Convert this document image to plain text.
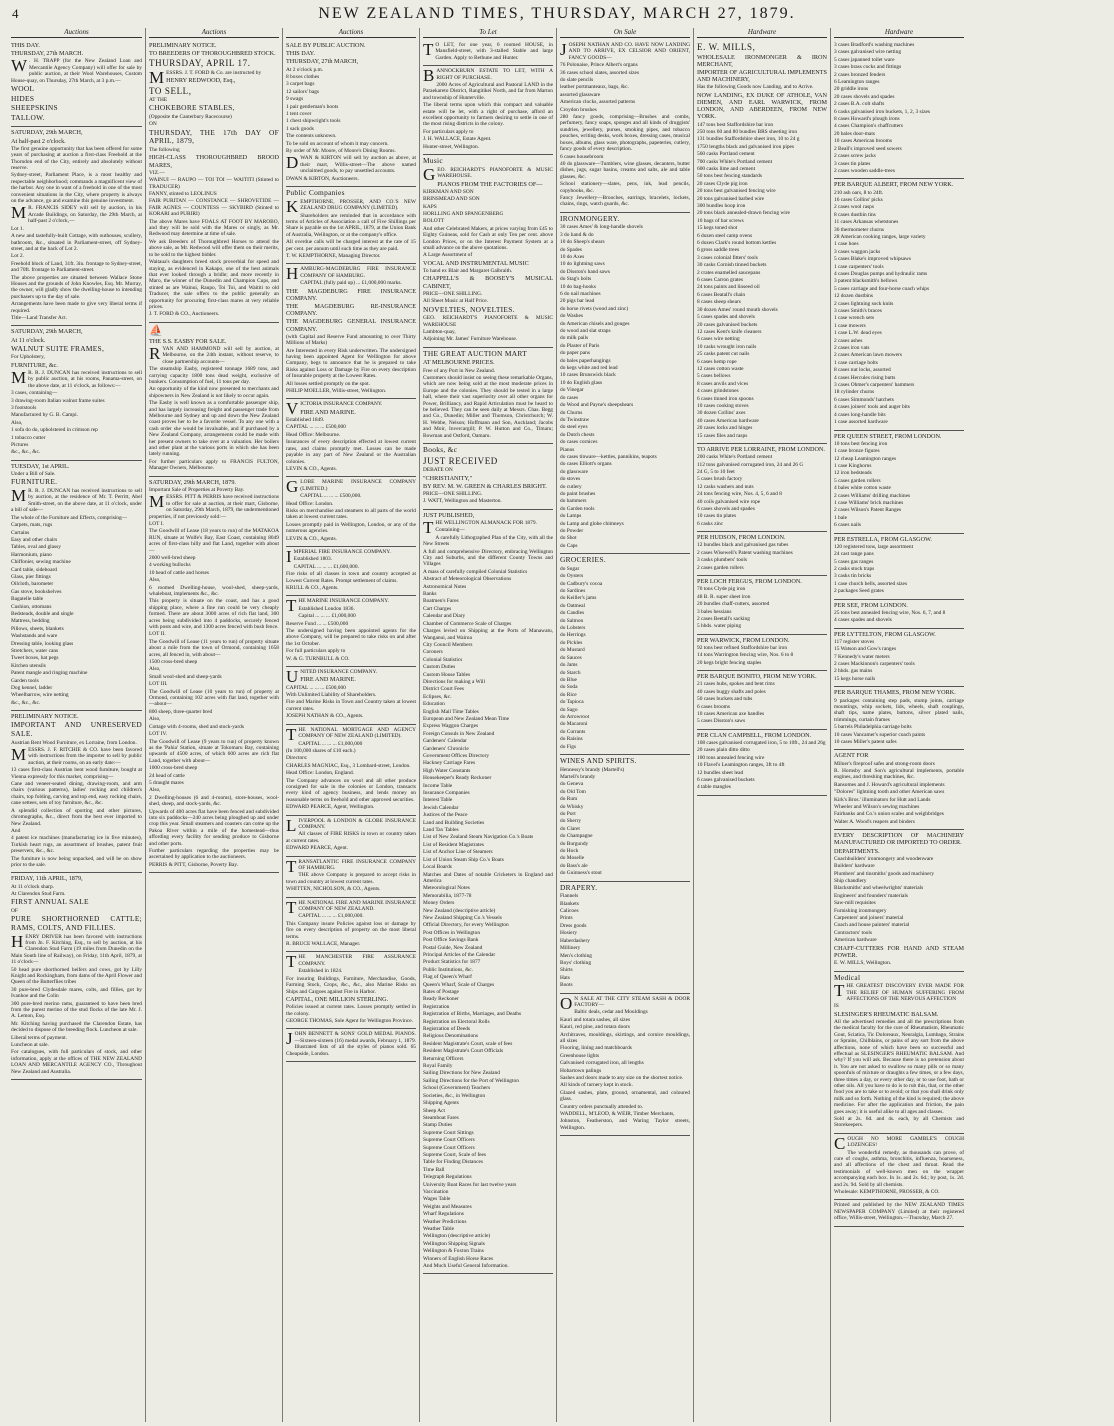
4	NEW ZEALAND TIMES, THURSDAY, MARCH 27, 1879.
Auctions

THIS DAY.

THURSDAY, 27th MARCH.

W . H. TRAPP (for the New Zealand Loan and Mercantile Agency Company) will offer for sale by public auction, at their Wool Warehouses, Custom House-quay, on Thursday, 27th March, at 3 p.m.—

WOOL

HIDES

SHEEPSKINS

TALLOW.

SATURDAY, 29th MARCH,

At half-past 2 o'clock.

The first genuine opportunity that has been offered for some years of purchasing at auction a first-class Freehold at the Thorndon end of the City, entirely and absolutely without reserve.

Sydney-street, Parliament Place, is a most healthy and respectable neighborhood; commands a magnificent view of the harbor. Any one in want of a freehold in one of the most convenient situations in the City, where property is always on the advance, go and examine this genuine investment.

M R. FRANCIS SIDEY will sell by auction, in his Arcade Buildings, on Saturday, the 29th March, at half-past 2 o'clock,—

Lot 1.

A new and tastefully-built Cottage, with outhouses, scullery, bathroom, &c., situated in Parliament-street, off Sydney-street, and at the back of Lot 2.

Lot 2.

Freehold block of Land, 31ft. 3in. frontage to Sydney-street, and 70ft. frontage to Parliament-street.

The above properties are situated between Wallace Stone Houses and the grounds of John Knowles, Esq. Mr. Murray, the owner, will gladly show the dwelling-house to intending purchasers up to the day of sale.

Arrangements have been made to give very liberal terms if required.

Title—Land Transfer Act.

SATURDAY, 29th MARCH,

At 11 o'clock.

WALNUT SUITE FRAMES,

For Upholstery,

FURNITURE, &c.

M R. R. J. DUNCAN has received instructions to sell by public auction, at his rooms, Panama-street, on the above date, at 11 o'clock, as follows:—

3 cases, containing—

3 drawing-room Italian walnut frame suites

3 footstools

Manufactured by G. B. Campi.

Also,

1 sofa do do, upholstered in crimson rep

1 tobacco cutter

Pictures

&c., &c., &c.

TUESDAY, 1st APRIL.

Under a Bill of Sale.

FURNITURE.

M R. R. J. DUNCAN has received instructions to sell by auction, at the residence of Mr. T. Perritt, Abel Smith-street, on the above date, at 11 o'clock, under a bill of sale—

The whole of the Furniture and Effects, comprising—

Carpets, mats, rugs

Curtains

Easy and other chairs

Tables, oval and glassy

Harmonium, piano

Chiffonier, sewing machine

Card table, sideboard

Glass, pier fittings

Oilcloth, barometer

Gas stove, bookshelves

Bagatelle table

Cushion, ottomans

Bedsteads, double and single

Mattress, bedding

Pillows, sheets, blankets

Washstands and ware

Dressing table, looking glass

Stretchers, water cans

Tweet boxes, hat pegs

Kitchen utensils

Patent mangle and ringing machine

Garden tools

Dog kennel, ladder

Wheelbarrow, wire netting

&c., &c., &c.

PRELIMINARY NOTICE.

IMPORTANT AND UNRESERVED SALE.

Austrian Bent Wood Furniture, ex Lorraine, from London.

MESSRS. J. F. RITCHIE & CO. have been favored with instructions from the importer to sell by public auction, at their rooms, on an early date:—

13 cases first-class Austrian bent wood furniture, bought at Vienna expressly for this market, comprising—

Cane and veneer-seated dining, drawing-room, and arm chairs (various patterns), ladies' rocking and children's chairs, top folding, carving and top end, easy rocking chairs, cane settees, sets of toy furniture, &c., &c.

A splendid collection of sporting and other pictures, chromographs, &c., direct from the best ever imported to New Zealand.

And

4 patent ice machines (manufacturing ice in five minutes), Turkish heart rugs, an assortment of brushes, patent fruit preservers, &c., &c.

The furniture is now being unpacked, and will be on show prior to the sale.

FRIDAY, 11th APRIL, 1879,

At 11 o'clock sharp.

At Clarendon Stud Farm.

FIRST ANNUAL SALE

OF

PURE SHORTHORNED CATTLE; RAMS, COLTS, AND FILLIES.

HENRY DRIVER has been favored with instructions from Jn. F. Kitching, Esq., to sell by auction, at his Clarendon Stud Farm (19 miles from Dunedin on the Main South line of Railway), on Friday, 11th April, 1879, at 11 o'clock—

50 head pure shorthorned heifers and cows, got by Lilly Knight and Rockingham, from dams of the April Flower and Queen of the Butterflies tribes

30 pure-bred Clydesdale mares, colts, and fillies, got by Ivanhoe and the Colin

300 pure-bred merino rams, guaranteed to have been bred from the purest merino of the stud flocks of the late Mr. J. A. Lemon, Esq.

Mr. Kitching having purchased the Clarendon Estate, has decided to dispose of the breeding flock. Luncheon at sale.

Liberal terms of payment.

Luncheon at sale.

For catalogues, with full particulars of stock, and other information, apply at the offices of THE NEW ZEALAND LOAN AND MERCANTILE AGENCY CO., Throughout New Zealand and Australia.

Auctions

PRELIMINARY NOTICE.

TO BREEDERS OF THOROUGHBRED STOCK.

THURSDAY, APRIL 17.

MESSRS. J. T. FORD & Co. are instructed by

HENRY REDWOOD, Esq.,

TO SELL,

AT THE

CHOKEBORE STABLES,

(Opposite the Canterbury Racecourse)

ON

THURSDAY, THE 17th DAY OF APRIL, 1879,

The following

HIGH-CLASS THOROUGHBRED BROOD MARES,

VIZ.—

WAINUI — RAUPO — TOI TOI — WAITITI (Stinted to TRADUCER)

FANNY, stinted to LEOLINUS

FAIR PURITAN — CONSTANCE — SHROVETIDE — FAIR AGNES — COUNTESS — SKYBIRD (Stinted to KORARI and PURIRI)

The above Mares have FOALS AT FOOT BY MAROBO, and they will be sold with the Mares or singly, as Mr. Redwood may determine at time of sale.

We ask Breeders of Thoroughbred Horses to attend the above sale, as Mr. Redwood will offer them on their merits, to be sold to the highest bidder.

Waitaua's daughters breed stock proverbial for speed and staying, as evidenced in Kakapo, one of the best animals that ever looked through a bridle; and more recently in Maro, the winner of the Dunedin and Champion Cups, and stinted as are Wainui, Raupo, Toi Toi, and Waititi to old Traducer, the sale offers to the public generally an opportunity for procuring first-class mares at very reliable prices.

J. T. FORD & CO., Auctioneers.

⛵

THE S.S. EASBY FOR SALE.

RYAN AND HAMMOND will sell by auction, at Melbourne, on the 24th instant, without reserve, to close partnership accounts—

The steamship Easby, registered tonnage 1689 tons, and carrying capacity 1800 tons dead weight, exclusive of bunkers. Consumption of fuel, 11 tons per day.

An opportunity of the kind now presented to merchants and shipowners in New Zealand is not likely to occur again.

The Easby is well known as a comfortable passenger ship, and has largely increasing freight and passenger trade from Melbourne and Sydney and up and down the New Zealand coast proves her to be a favorite vessel. To any one with a cash order she would be invaluable, and if purchased by a New Zealand Company, arrangements could be made with her present owners to take over at a valuation. Her boilers and other plant at the various ports in which she has been lately running.

For further particulars apply to FRANCIS FULTON, Manager Owners, Melbourne.

SATURDAY, 29th MARCH, 1879.

Important Sale of Properties at Poverty Bay.

MESSRS. PITT & PERRIS have received instructions to offer for sale at auction, at their mart, Gisborne, on Saturday, 29th March, 1879, the undermentioned properties, if not previously sold:—

LOT I.

The Goodwill of Lease (18 years to run) of the MATAKOA RUN, situate at Wolfe's Bay, East Coast, containing 8049 acres of first-class hilly and flat Land, together with about—

2600 well-bred sheep

4 working bullocks

10 head of cattle and horses

Also,

6 roomed Dwelling-house, wool-shed, sheep-yards, whaleboat, implements &c., &c.

This property is situate on the coast, and has a good shipping place, where a fine run could be very cheaply formed. There are about 3000 acres of rich flat land, 300 acres being subdivided into 4 paddocks, securely fenced with posts and wire, and 1300 acres fenced with bush fence.

LOT II.

The Goodwill of Lease (11 years to run) of property situate about a mile from the town of Ormond, containing 1658 acres, all fenced in, with about—

1500 cross-bred sheep

Also,

Small wool-shed and sheep-yards

LOT III.

The Goodwill of Lease (10 years to run) of property at Ormond, containing 102 acres with flat land, together with—about—

800 sheep, three-quarter bred

Also,

Cottage with 4-rooms, shed and stock-yards

LOT IV.

The Goodwill of Lease (9 years to run) of property known as the 'Pahia' Station, situate at Tokomaru Bay, containing upwards of 4500 acres, of which 600 acres are rich flat Land, together with about—

1000 cross-bred sheep

24 head of cattle

5 draught mares

Also,

2 Dwelling-houses (6 and 4-rooms), store-houses, wool-shed, sheep, and stock-yards, &c.

Upwards of 400 acres flat have been fenced and subdivided into six paddocks—240 acres being ploughed up and under crop this year. Small steamers and coasters can come up the Pakoa River within a mile of the homestead—thus affording every facility for sending produce to Gisborne and other ports.

Further particulars regarding the properties may be ascertained by application to the auctioneers.

PERRIS & PITT, Gisborne, Poverty Bay.

Auctions

SALE BY PUBLIC AUCTION.

THIS DAY.

THURSDAY, 27th MARCH,

At 2 o'clock p.m.

8 boxes clothes

3 carpet bags

12 sailors' bags

9 swags

1 pair gentleman's boots

1 tent cover

1 chest shipwright's tools

1 sack goods

The contents unknown.

To be sold on account of whom it may concern.

By order of Mr. Moore, of Moore's Dining Rooms.

DWAN & KIRTON will sell by auction as above, at their mart, Willis-street—The above named unclaimed goods, to pay unsettled accounts.

DWAN & KIRTON, Auctioneers.

Public Companies

KEMPTHORNE, PROSSER, AND CO.'S NEW ZEALAND DRUG COMPANY (LIMITED).

Shareholders are reminded that in accordance with terms of Articles of Association a call of Five Shillings per Share is payable on the 1st APRIL, 1879, at the Union Bank of Australia, Wellington, or at the company's office.

All overdue calls will be charged interest at the rate of 15 per cent. per annum until such time as they are paid.

T. W. KEMPTHORNE, Managing Director.

HAMBURG-MAGDEBURG FIRE INSURANCE COMPANY OF HAMBURG.

CAPITAL (fully paid up) ... £1,000,000 marks.

THE MAGDEBURG FIRE INSURANCE COMPANY.

THE MAGDEBURG RE-INSURANCE COMPANY.

THE MAGDEBURG GENERAL INSURANCE COMPANY.

(with Capital and Reserve Fund amounting to over Thirty Millions of Marks)

Are Interested in every Risk underwritten. The undersigned having been appointed Agent for Wellington for above Company, begs to announce that he is prepared to take Risks against Loss or Damage by Fire on every description of Insurable property at the Lowest Rates.

All losses settled promptly on the spot.

PHILIP MOELLER, Willis-street, Wellington.

VICTORIA INSURANCE COMPANY.

FIRE AND MARINE.

Established 1849.

CAPITAL ... ... ... £500,000

Head Office: Melbourne.

Insurances of every description effected at lowest current rates, and claims promptly met. Losses can be made payable in any part of New Zealand or the Australian colonies.

LEVIN & CO., Agents.

GLOBE MARINE INSURANCE COMPANY (LIMITED.)

CAPITAL ... ... ... £500,000.

Head Office: London.

Risks on merchandise and steamers to all parts of the world taken at lowest current rates.

Losses promptly paid in Wellington, London, or any of the numerous agencies.

LEVIN & CO., Agents.

IMPERIAL FIRE INSURANCE COMPANY.

Established 1803.

CAPITAL ... ... ... £1,600,000.

Fire risks of all classes in town and country accepted at Lowest Current Rates. Prompt settlement of claims.

KRULL & CO., Agents.

THE MARINE INSURANCE COMPANY.

Established London 1836.

Capital ... ... ... £1,000,000

Reserve Fund ... ... £500,000

The undersigned having been appointed agents for the above Company, will be prepared to take risks on and after the 1st October.

For full particulars apply to

W. & G. TURNBULL & CO.

UNITED INSURANCE COMPANY.

FIRE AND MARINE.

CAPITAL ... ... ... £500,000

With Unlimited Liability of Shareholders.

Fire and Marine Risks in Town and Country taken at lowest current rates.

JOSEPH NATHAN & CO., Agents.

THE NATIONAL MORTGAGE AND AGENCY COMPANY OF NEW ZEALAND (LIMITED).

CAPITAL ... ... ... £1,000,000

(In 100,000 shares of £10 each.)

Directors:

CHARLES MAGNIAC, Esq., 3 Lombard-street, London.

Head Office: London, England.

The Company advances on wool and all other produce consigned for sale in the colonies or London, transacts every kind of agency business, and lends money on reasonable terms on freehold and other approved securities.

EDWARD PEARCE, Agent, Wellington.

LIVERPOOL & LONDON & GLOBE INSURANCE COMPANY.

All classes of FIRE RISKS in town or country taken at current rates.

EDWARD PEARCE, Agent.

TRANSATLANTIC FIRE INSURANCE COMPANY OF HAMBURG.

THE above Company is prepared to accept risks in town and country at lowest current rates.

WHITTEN, NICHOLSON, & CO., Agents.

THE NATIONAL FIRE AND MARINE INSURANCE COMPANY OF NEW ZEALAND.

CAPITAL ... ... ... £1,000,000.

This Company insure Policies against loss or damage by fire on every description of property on the most liberal terms.

R. BRUCE WALLACE, Manager.

THE MANCHESTER FIRE ASSURANCE COMPANY.

Established in 1824.

For insuring Buildings, Furniture, Merchandise, Goods, Farming Stock, Crops, &c., &c., also Marine Risks on Ships and Cargoes against Fire in Harbor.

CAPITAL, ONE MILLION STERLING.

Policies issued at current rates. Losses promptly settled in the colony.

GEORGE THOMAS, Sole Agent for Wellington Province.

JOHN BENNETT & SONS' GOLD MEDAL PIANOS.—Sixteen-sixteen (16) medal awards, February 1, 1879. Illustrated lists of all the styles of pianos sold. 65 Cheapside, London.

To Let

T O LET, for one year, 6 roomed HOUSE, in Mansfield-street, with 3-stalled Stable and large Garden. Apply to Bethune and Hunter.

BANNOCKBURN ESTATE TO LET, WITH A RIGHT OF PURCHASE.

2000 Acres of Agricultural and Pastoral LAND in the Paraekareto District, Rangitikei North, and far from Marton and township of Hunterville.

The liberal terms upon which this compact and valuable estate will be let, with a right of purchase, afford an excellent opportunity to farmers desiring to settle in one of the most rising districts in the colony.

For particulars apply to

J. H. WALLACE, Estate Agent.

Hunter-street, Wellington.

Music

GEO. REICHARDT'S PIANOFORTE & MUSIC WAREHOUSE.

PIANOS FROM THE FACTORIES OF—

KIRKMAN AND SON

BRINSMEAD AND SON

KAPS

HORLLING AND SPANGENBERG

BOLOTT

And other Celebrated Makers, at prices varying from £45 to Eighty Guineas, sold for Cash at only Ten per cent. above London Prices, or on the Interest Payment System at a small advance on the above quotations.

A Large Assortment of

VOCAL AND INSTRUMENTAL MUSIC

To hand ex Blair and Margaret Galbraith.

CHAPPELL'S & BOOSEY'S MUSICAL CABINET,

PRICE—ONE SHILLING.

All Sheet Music at Half Price.

NOVELTIES, NOVELTIES.

GEO. REICHARDT'S PIANOFORTE & MUSIC WAREHOUSE

Lambton-quay,

Adjoining Mr. James' Furniture Warehouse.

THE GREAT AUCTION MART

AT MELBOURNE PRICES.

Free of any Port in New Zealand.

Customers should insist on seeing these remarkable Organs, which are now being sold at the most moderate prices in Europe and the colonies. They should be tested in a large hall, where their vast superiority over all other organs for Power, Brilliancy, and Rapid Articulation must be heard to be believed. They can be seen daily at Messrs. Chas. Begg and Co., Dunedin; Miller and Thomson, Christchurch; W. H. Webbe, Nelson; Hoffmann and Son, Auckland; Jacobs and Moir, Invercargill; P. W. Hutton and Co., Timaru; Bowman and Ostford, Oamaru.

Books, &c

JUST RECEIVED

DEBATE ON

"CHRISTIANITY,"

BY REV. M. W. GREEN & CHARLES BRIGHT.

PRICE—ONE SHILLING.

J. WATT, Wellington and Masterton.

JUST PUBLISHED,

THE WELLINGTON ALMANACK FOR 1879.

Containing—

A carefully Lithographed Plan of the City, with all the New Streets

A full and comprehensive Directory, embracing Wellington City and Suburbs, and the different County Towns and Villages

A mass of carefully compiled Colonial Statistics

Abstract of Meteorological Observations

Astronomical Notes

Banks

Boatmen's Fares

Cart Charges

Calendar and Diary

Chamber of Commerce Scale of Charges

Charges levied on Shipping at the Ports of Manawatu, Wanganui, and Wairoa

City Council Members

Coroners

Colonial Statistics

Custom Duties

Custom House Tables

Directions for making a Will

District Court Fees

Eclipses, &c.

Education

English Mail Time Tables

European and New Zealand Mean Time

Express Waggon Charges

Foreign Consuls in New Zealand

Gardeners' Calendar

Gardeners' Chronicle

Government Offices Directory

Hackney Carriage Fares

High Water Constants

Housekeeper's Ready Reckoner

Income Table

Insurance Companies

Interest Table

Jewish Calendar

Justices of the Peace

Land and Building Societies

Land Tax Tables

List of New Zealand Steam Navigation Co.'s Boats

List of Resident Magistrates

List of Anchor Line of Steamers

List of Union Steam Ship Co.'s Boats

Local Boards

Matches and Dates of notable Cricketers in England and America

Meteorological Notes

Memorabilia, 1877-78

Money Orders

New Zealand (descriptive article)

New Zealand Shipping Co.'s Vessels

Official Directory, for every Wellington

Post Offices in Wellington

Post Office Savings Bank

Postal Guide, New Zealand

Principal Articles of the Calendar

Product Statistics for 1877

Public Institutions, &c.

Flag of Queen's Wharf

Queen's Wharf, Scale of Charges

Rates of Postage

Ready Reckoner

Registration

Registration of Births, Marriages, and Deaths

Registration on Electoral Rolls

Registration of Deeds

Religious Denominations

Resident Magistrate's Court, scale of fees

Resident Magistrate's Court Officials

Returning Officers

Royal Family

Sailing Directions for New Zealand

Sailing Directions for the Port of Wellington

School (Government) Teachers

Societies, &c., in Wellington

Shipping Agents

Sheep Act

Steamboat Fares

Stamp Duties

Supreme Court Sittings

Supreme Court Officers

Supreme Court Officers

Supreme Court, Scale of fees

Table for Finding Distances

Time Ball

Telegraph Regulations

University Boat Races for last twelve years

Vaccination

Wages Table

Weights and Measures

Wharf Regulations

Weather Predictions

Weather Table

Wellington (descriptive article)

Wellington Shipping Signals

Wellington & Foxton Trains

Winners of English Horse Races

And Much Useful General Information.

On Sale

JOSEPH NATHAN AND CO. HAVE NOW LANDING AND TO ARRIVE, EX CELSIOR AND ORIENT, FANCY GOODS—

76 Polonaise, Prince Albert's organs

36 cases school slates, assorted sizes

do slate pencils

leather portmanteaux, bags, &c.

assorted glassware

American clocks, assorted patterns

Croydon brushes

280 fancy goods, comprising—Brushes and combs, perfumery, fancy soaps, sponges and all kinds of druggists' sundries, jewellery, purses, smoking pipes, and tobacco pouches, writing desks, work boxes, dressing cases, musical boxes, albums, glass ware, photographs, papeteries, cutlery, fancy goods of every description.

6 cases housebroom

40 do glassware—Tumblers, wine glasses, decanters, butter dishes, jugs, sugar basins, creams and salts, ale and table glasses, &c.

School stationery—slates, pens, ink, lead pencils, copybooks, &c.

Fancy Jewellery—Brooches, earrings, bracelets, lockets, chains, rings, watch guards, &c.

IRONMONGERY.

30 cases Ames' & long-handle shovels

3 do hand & do

10 do Sheep's shears

do Spades

10 do Axes

10 do lightning saws

do Disston's hand saws

do Stag's bolts

10 do bag-hooks

6 do nail machines

20 pigs bar lead

do horse rivets (wood and zinc)

do Washes

do American chisels and gouges

do wood and slat straps

do milk pails

do Plaster of Paris

do paper pans

do bales paperhangings

do kegs white and red lead

10 cases Brunswick black

10 do English glass

do Vinegar

do cases

do Wood and Payne's sheepshears

do Churns

do Twinstraw

do steel eyes

do Dutch chests

do cases cornices

Pianos

do cases tinware—kettles, pannikins, teapots

do cases Elliott's organs

do glassware

do stoves

do cutlery

do paint brushes

do hammers

do Garden tools

do Lamps

do Lamp and globe chimneys

do Powder

do Shot

do Caps

GROCERIES.

do Sugar

do Oysters

do Cadbury's cocoa

do Sardines

do Keiller's jams

do Oatmeal

do Candles

do Salmon

do Lobsters

do Herrings

do Pickles

do Mustard

do Sauces

do Jams

do Starch

do Blue

do Soda

do Rice

do Tapioca

do Sago

do Arrowroot

do Macaroni

do Currants

do Raisins

do Figs

WINES AND SPIRITS.

Hennessy's brandy (Martell's)

Martell's brandy

do Geneva

do Old Tom

do Rum

do Whisky

do Port

do Sherry

do Claret

do Champagne

do Burgundy

do Hock

do Moselle

do Bass's ale

do Guinness's stout

DRAPERY.

Flannels

Blankets

Calicoes

Prints

Dress goods

Hosiery

Haberdashery

Millinery

Men's clothing

Boys' clothing

Shirts

Hats

Boots

O N SALE AT THE CITY STEAM SASH & DOOR FACTORY—

Baltic deals, cedar and Mouldings

Kauri and totara sashes, all sizes

Kauri, red pine, and totara doors

Architraves, mouldings, skirtings, and cornice mouldings, all sizes

Flooring, lining and matchboards

Greenhouse lights

Galvanised corrugated iron, all lengths

Hobartown palings

Sashes and doors made to any size on the shortest notice.

All kinds of turnery kept in stock.

Glazed sashes, plate, ground, ornamental, and coloured glass.

Country orders punctually attended to.

WADDELL, M'LEOD, & WEIR, Timber Merchants,

Johnston, Featherston, and Waring Taylor streets, Wellington.

Hardware

E. W. MILLS,

WHOLESALE IRONMONGER & IRON MERCHANT,

IMPORTER OF AGRICULTURAL IMPLEMENTS AND MACHINERY,

Has the following Goods now Landing, and to Arrive.

NOW LANDING, EX DUKE OF ATHOLE, VAN DIEMEN, AND EARL WARWICK, FROM LONDON, AND ABERDEEN, FROM NEW YORK.

147 tons best Staffordshire bar iron

250 tons 60 and 80 bundles BRS sheeting iron

131 bundles Staffordshire sheet iron, 10 to 24 g

1750 lengths black and galvanised iron pipes

560 casks Portland cement

700 casks White's Portland cement

600 casks lime and cement

50 tons best fencing standards

20 cases Clyde pig iron

20 tons best galvanised fencing wire

20 tons galvanised barbed wire

300 bundles hoop iron

20 tons black annealed-drawn fencing wire

10 bags of bar screws

15 kegs toned shot

6 dozen steel camp ovens

6 dozen Clark's round bottom kettles

6 gross saddle trees

3 cases colonial fitters' tools

30 casks Cornish tinned buckets

2 crates enamelled saucepans

6 cases Carron grates

24 tons paints and linseed oil

6 cases Beatall's chain

8 cases sheep shears

30 dozen Ames' round mouth shovels

5 cases spades and shovels

20 cases galvanised buckets

12 cases Kent's knife cleaners

6 cases wire netting

10 casks wrought iron nails

25 casks patent cut nails

6 cases hemp rope

12 cases cotton waste

5 cases bellows

8 cases anvils and vices

4 cases grindstones

6 cases tinned iron spoons

10 cases cooking stoves

30 dozen Collins' axes

40 cases American hardware

20 cases locks and hinges

15 cases files and rasps

TO ARRIVE PER LORRAINE, FROM LONDON.

200 casks White's Portland cement

112 tons galvanised corrugated iron, 24 and 26 G

24 G, 5 to 10 feet

5 cases brush factory

12 casks washers and nuts

24 tons fencing wire, Nos. 4, 5, 6 and 8

40 coils galvanised wire rope

6 cases shovels and spades

10 cases tin plates

6 casks zinc

PER HUDSON, FROM LONDON.

12 bundles black and galvanised gas tubes

2 cases Wisewell's Patent washing machines

3 casks plumbers' tools

2 cases garden rollers

PER LOCH FERGUS, FROM LONDON.

70 tons Clyde pig iron

48 B. R. super sheet iron

20 bundles chaff-cutters, assorted

3 bales hessians

2 cases Beetall's sacking

5 hhds. water piping

PER WARWICK, FROM LONDON.

92 tons best refined Staffordshire bar iron

14 tons Warrington fencing wire, Nos. 6 to 8

20 kegs bright fencing staples

PER BARQUE BONITO, FROM NEW YORK.

21 cases hubs, spokes and bent rims

40 cases buggy shafts and poles

50 cases buckets and tubs

6 cases brooms

10 cases American axe handles

5 cases Disston's saws

PER CLAN CAMPBELL, FROM LONDON.

108 cases galvanised corrugated iron, 5 to 10ft., 24 and 26g

20 cases plain ditto ditto

100 tons annealed fencing wire

10 Flavel's Leamington ranges, 3ft to 4ft

12 bundles sheet lead

6 cases galvanised buckets

4 table mangles

Hardware

3 cases Bradford's washing machines

3 cases galvanised wire netting

5 cases japanned toilet ware

3 cases brass cocks and fittings

2 cases bronzed fenders

6 Leamington ranges

20 griddle irons

20 cases shovels and spades

2 cases B.A. colt shafts

6 casks galvanised iron buckets, 1, 2, 3 sizes

8 cases Howard's plough irons

4 cases Champion's chaffcutters

20 bales door-mats

10 cases American brooms

2 Beall's improved seed sowers

2 cases screw jacks

3 cases tin plates

2 cases wooden saddle-trees

PER BARQUE ALBERT, FROM NEW YORK.

210 ash oars, 8 to 24ft.

16 cases Collins' picks

2 cases wool rasps

8 cases dustbin tins

11 cases Arkansas whetstones

36 thermometer churns

28 American cooking ranges, large variety

1 case hoes

3 cases waggon jacks

5 cases Blake's improved whipsaws

1 case carpenters' tools

4 cases Douglas pumps and hydraulic rams

3 patent blacksmith's bellows

5 cases carriage and four-horse coach whips

12 dozen dustbins

2 cases lightning sock knits

3 cases Smith's braces

1 case wrench sets

1 case mowers

1 case L.W. dead eyes

2 cases ashes

2 cases iron vats

2 cases American lawn mowers

1 case carriage bolts

8 cases nut locks, assorted

4 cases Hercules rising butts

3 cases Ohmer's carpenters' hammers

18 cylinder churns

6 cases Simmonds' hatchets

4 cases joiners' tools and auger bits

4 cases long-handle bits

1 case assorted hardware

PER QUEEN STREET, FROM LONDON.

10 tons best fencing iron

1 case bronze figures

12 cheap Leamington ranges

1 case Kinghorns

12 iron bedsteads

5 cases garden rollers

4 bales white cotton waste

2 cases Williams' drilling machines

1 case Williams' brick machines

2 cases Wilson's Patent Ranges

1 bale

6 cases nails

PER ESTRELLA, FROM GLASGOW.

120 registered tons, large assortment

24 cast range pans

5 cases gas ranges

2 casks stock traps

3 casks tin bricks

1 case church bells, assorted sizes

2 packages Seed grates

PER SEE, FROM LONDON.

25 tons best annealed fencing wire, Nos. 6, 7, and 8

4 cases spades and shovels

PER LYTTELTON, FROM GLASGOW.

117 register stoves

15 Watson and Gow's ranges

7 Kennedy's water meters

2 cases Mackinnon's carpenters' tools

2 hhds. gas mains

15 kegs horse nails

PER BARQUE THAMES, FROM NEW YORK.

9 packages containing step pads, stump joints, carriage mountings, whip sockets, lids, wheels, shaft couplings, shaft tips, name plates, buttons, silver plated nails, trimmings, curtain frames

5 barrels Philadelphia carriage bolts

10 cases Vancamer's superior coach paints

10 cases Miller's patent safes

AGENT FOR

Milner's fireproof safes and strong-room doors

R. Hornsby and Son's agricultural implements, portable engines, and threshing machines, &c.

Ransomes and J. Howard's agricultural implements

"Dolores" lightning tooth and other American saws

Kirk's Bros.' illuminators for Hutt and Lands

Wheeler and Wilson's sewing machines

Fairbanks and Co.'s union scales and weighbridges

Walter A. Wood's reapers and binders

EVERY DESCRIPTION OF MACHINERY MANUFACTURED OR IMPORTED TO ORDER.

DEPARTMENTS.

Coachbuilders' ironmongery and woodenware

Builders' hardware

Plumbers' and tinsmiths' goods and machinery

Ship chandlery

Blacksmiths' and wheelwrights' materials

Engineers' and founders' materials

Saw-mill requisites

Furnishing ironmongery

Carpenters' and joiners' material

Coach and house painters' material

Contractors' tools

American hardware

CHAFF-CUTTERS FOR HAND AND STEAM POWER.

E. W. MILLS, Wellington.

Medical

THE GREATEST DISCOVERY EVER MADE FOR THE RELIEF OF HUMAN SUFFERING FROM AFFECTIONS OF THE NERVOUS AFFECTION

IS

SLESINGER'S RHEUMATIC BALSAM.

All the advertised remedies and all the prescriptions from the medical faculty for the cure of Rheumatism, Rheumatic Gout, Sciatica, Tic Doloreaux, Neuralgia, Lumbago, Strains or Sprains, Chilblains, or pains of any sort from the above affections, none of which have been so successful and effectual as SLESINGER'S RHEUMATIC BALSAM. And why? If you will ask. Because there is no pretension about it. You are not asked to swallow so many pills or so many spoonfuls of mixture or draughts a few times, or a few days, three times a day, or every other day, or to use foot, bath or other oils. All you have to do is to rub this, that, or the other food you are to take or to avoid; or that you shall drink only milk and so forth. Nothing of the kind is required; the above medicine. For after the application and friction, the pain goes away; it is useful alike to all ages and classes.

Sold at 2s. 6d. and 4s. each, by all Chemists and Storekeepers.

COUGH NO MORE GAMBLE'S COUGH LOZENGES!

The wonderful remedy, as thousands can prove, of cure of coughs, asthma, bronchitis, influenza, hoarseness, and all affections of the chest and throat. Read the testimonials of well-known men on the wrapper accompanying each box. In 1s. and 2s. 6d.; by post, 1s. 2d. and 2s. 9d. Sold by all chemists.

Wholesale: KEMPTHORNE, PROSSER, & CO.

Printed and published by the NEW ZEALAND TIMES NEWSPAPER COMPANY (Limited) at their registered office, Willis-street, Wellington.—Thursday, March 27.
